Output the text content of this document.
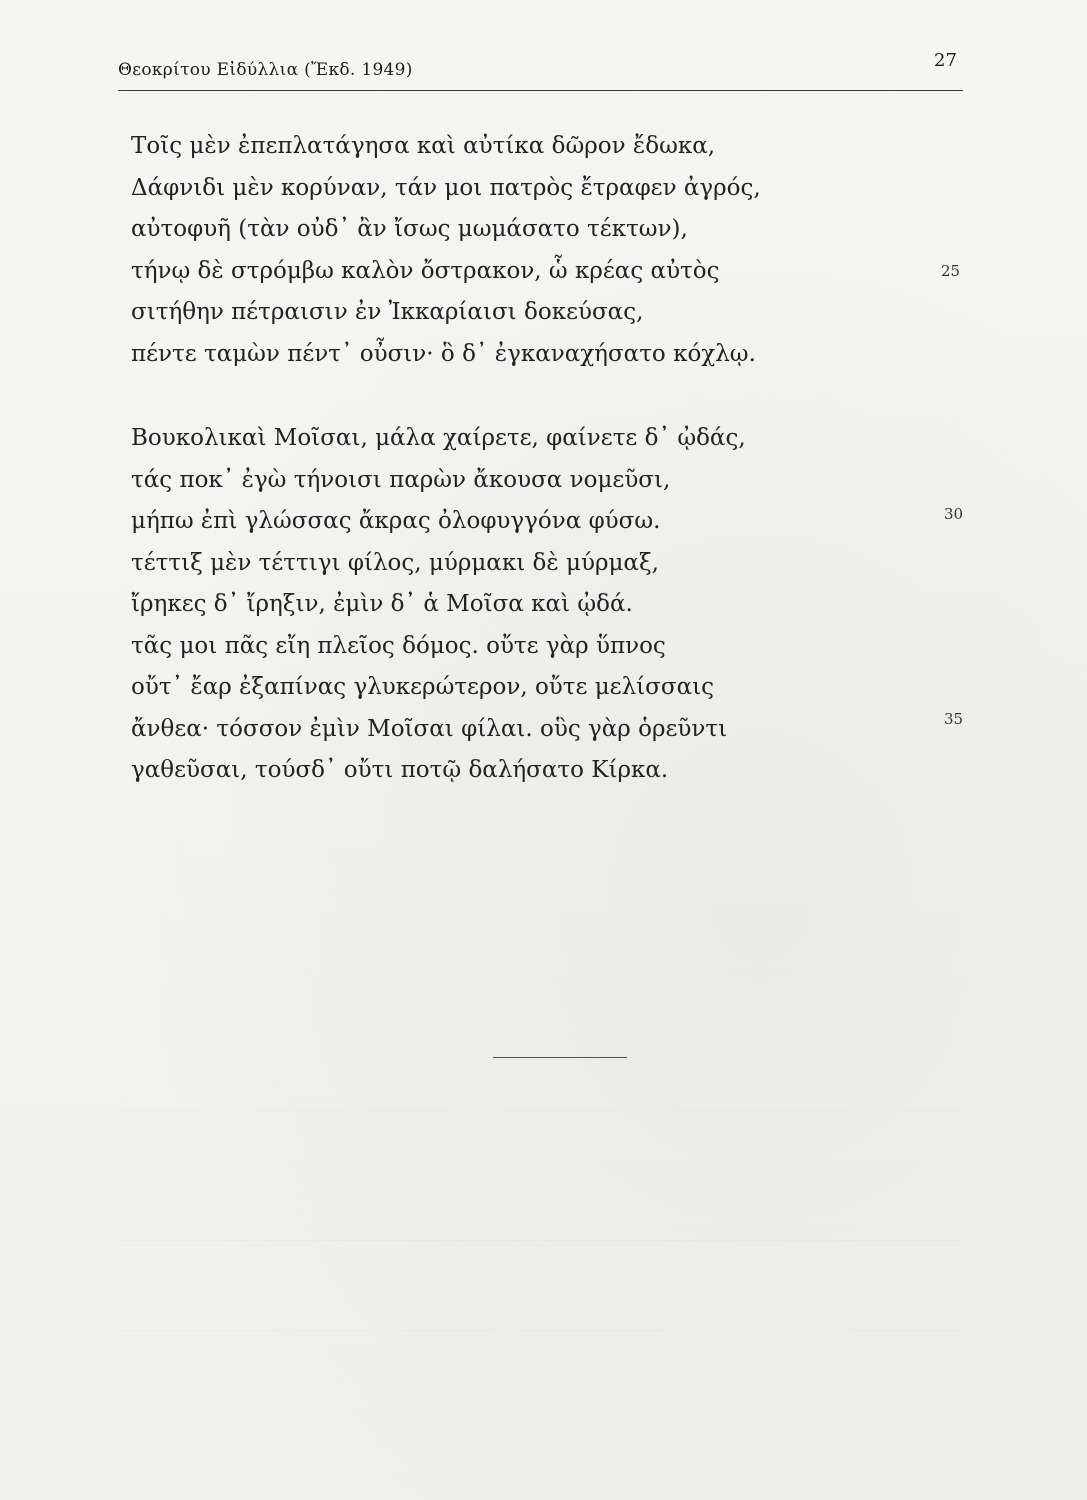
Θεοκρίτου Εἰδύλλια (Ἔκδ. 1949)	27
Τοῖς μὲν ἐπεπλατάγησα καὶ αὐτίκα δῶρον ἔδωκα,
Δάφνιδι μὲν κορύναν, τάν μοι πατρὸς ἔτραφεν ἀγρός,
αὐτοφυῆ (τὰν οὐδ᾽ ἂν ἴσως μωμάσατο τέκτων),
τήνῳ δὲ στρόμβω καλὸν ὄστρακον, ὧ κρέας αὐτὸς
σιτήθην πέτραισιν ἐν Ἰκκαρίαισι δοκεύσας,
πέντε ταμὼν πέντ᾽ οὖσιν· ὃ δ᾽ ἐγκαναχήσατο κόχλῳ.
Βουκολικαὶ Μοῖσαι, μάλα χαίρετε, φαίνετε δ᾽ ᾠδάς,
τάς ποκ᾽ ἐγὼ τήνοισι παρὼν ἄκουσα νομεῦσι,
μήπω ἐπὶ γλώσσας ἄκρας ὀλοφυγγόνα φύσω.
τέττιξ μὲν τέττιγι φίλος, μύρμακι δὲ μύρμαξ,
ἴρηκες δ᾽ ἴρηξιν, ἐμὶν δ᾽ ἁ Μοῖσα καὶ ᾠδά.
τᾶς μοι πᾶς εἴη πλεῖος δόμος. οὔτε γὰρ ὕπνος
οὔτ᾽ ἔαρ ἐξαπίνας γλυκερώτερον, οὔτε μελίσσαις
ἄνθεα· τόσσον ἐμὶν Μοῖσαι φίλαι. οὓς γὰρ ὁρεῦντι
γαθεῦσαι, τούσδ᾽ οὔτι ποτῷ δαλήσατο Κίρκα.
25
30
35
